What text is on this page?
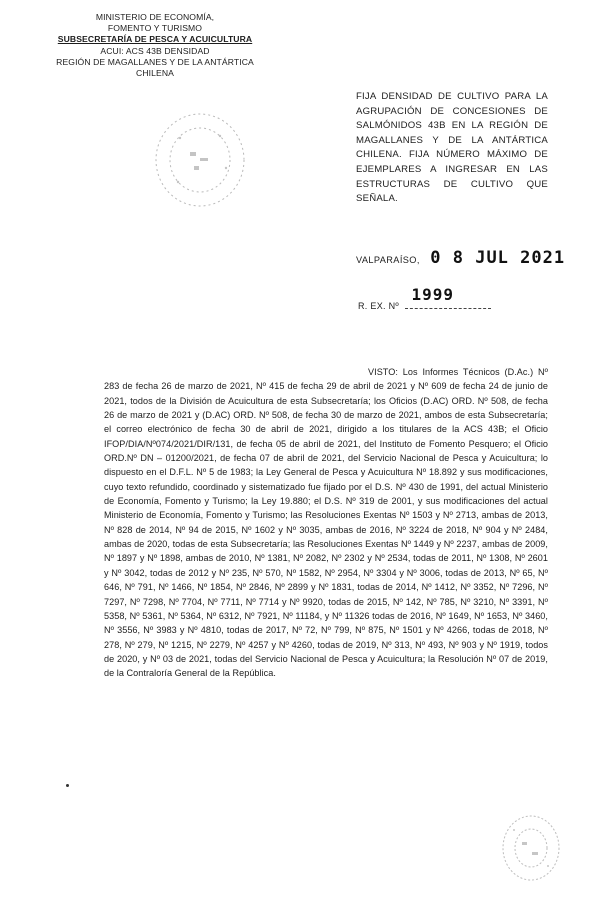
MINISTERIO DE ECONOMÍA,
FOMENTO Y TURISMO
SUBSECRETARÍA DE PESCA Y ACUICULTURA
ACUI: ACS 43B DENSIDAD
REGIÓN DE MAGALLANES Y DE LA ANTÁRTICA CHILENA
FIJA DENSIDAD DE CULTIVO PARA LA AGRUPACIÓN DE CONCESIONES DE SALMÓNIDOS 43B EN LA REGIÓN DE MAGALLANES Y DE LA ANTÁRTICA CHILENA. FIJA NÚMERO MÁXIMO DE EJEMPLARES A INGRESAR EN LAS ESTRUCTURAS DE CULTIVO QUE SEÑALA.
VALPARAÍSO, 0 8 JUL 2021
R. EX. Nº
1999
VISTO: Los Informes Técnicos (D.Ac.) Nº 283 de fecha 26 de marzo de 2021, Nº 415 de fecha 29 de abril de 2021 y Nº 609 de fecha 24 de junio de 2021, todos de la División de Acuicultura de esta Subsecretaría; los Oficios (D.AC) ORD. Nº 508, de fecha 26 de marzo de 2021 y (D.AC) ORD. Nº 508, de fecha 30 de marzo de 2021, ambos de esta Subsecretaría; el correo electrónico de fecha 30 de abril de 2021, dirigido a los titulares de la ACS 43B; el Oficio IFOP/DIA/Nº074/2021/DIR/131, de fecha 05 de abril de 2021, del Instituto de Fomento Pesquero; el Oficio ORD.Nº DN – 01200/2021, de fecha 07 de abril de 2021, del Servicio Nacional de Pesca y Acuicultura; lo dispuesto en el D.F.L. Nº 5 de 1983; la Ley General de Pesca y Acuicultura Nº 18.892 y sus modificaciones, cuyo texto refundido, coordinado y sistematizado fue fijado por el D.S. Nº 430 de 1991, del actual Ministerio de Economía, Fomento y Turismo; la Ley 19.880; el D.S. Nº 319 de 2001, y sus modificaciones del actual Ministerio de Economía, Fomento y Turismo; las Resoluciones Exentas Nº 1503 y Nº 2713, ambas de 2013, Nº 828 de 2014, Nº 94 de 2015, Nº 1602 y Nº 3035, ambas de 2016, Nº 3224 de 2018, Nº 904 y Nº 2484, ambas de 2020, todas de esta Subsecretaría; las Resoluciones Exentas Nº 1449 y Nº 2237, ambas de 2009, Nº 1897 y Nº 1898, ambas de 2010, Nº 1381, Nº 2082, Nº 2302 y Nº 2534, todas de 2011, Nº 1308, Nº 2601 y Nº 3042, todas de 2012 y Nº 235, Nº 570, Nº 1582, Nº 2954, Nº 3304 y Nº 3006, todas de 2013, Nº 65, Nº 646, Nº 791, Nº 1466, Nº 1854, Nº 2846, Nº 2899 y Nº 1831, todas de 2014, Nº 1412, Nº 3352, Nº 7296, Nº 7297, Nº 7298, Nº 7704, Nº 7711, Nº 7714 y Nº 9920, todas de 2015, Nº 142, Nº 785, Nº 3210, Nº 3391, Nº 5358, Nº 5361, Nº 5364, Nº 6312, Nº 7921, Nº 11184, y Nº 11326 todas de 2016, Nº 1649, Nº 1653, Nº 3460, Nº 3556, Nº 3983 y Nº 4810, todas de 2017, Nº 72, Nº 799, Nº 875, Nº 1501 y Nº 4266, todas de 2018, Nº 278, Nº 279, Nº 1215, Nº 2279, Nº 4257 y Nº 4260, todas de 2019, Nº 313, Nº 493, Nº 903 y Nº 1919, todos de 2020, y Nº 03 de 2021, todas del Servicio Nacional de Pesca y Acuicultura; la Resolución Nº 07 de 2019, de la Contraloría General de la República.
